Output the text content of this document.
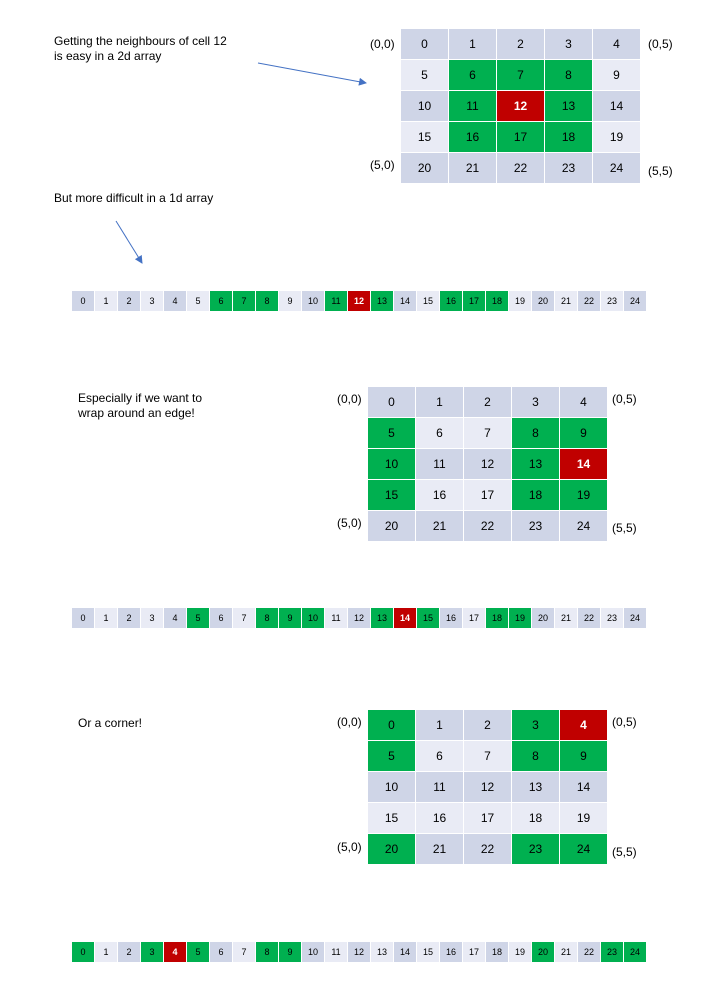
Getting the neighbours of cell 12 is easy in a 2d array
(0,0)	(0,5)
(5,0)	(5,5)
0	1	2	3	4
5	6	7	8	9
10	11	12	13	14
15	16	17	18	19
20	21	22	23	24
But more difficult in a 1d array
0	1	2	3	4	5	6	7	8	9	10	11	12	13	14	15	16	17	18	19	20	21	22	23	24
Especially if we want to wrap around an edge!
(0,0)	(0,5)
(5,0)	(5,5)
0	1	2	3	4
5	6	7	8	9
10	11	12	13	14
15	16	17	18	19
20	21	22	23	24
0	1	2	3	4	5	6	7	8	9	10	11	12	13	14	15	16	17	18	19	20	21	22	23	24
Or a corner!	(0,0)	(0,5)
(5,0)	(5,5)
0	1	2	3	4
5	6	7	8	9
10	11	12	13	14
15	16	17	18	19
20	21	22	23	24
0	1	2	3	4	5	6	7	8	9	10	11	12	13	14	15	16	17	18	19	20	21	22	23	24
